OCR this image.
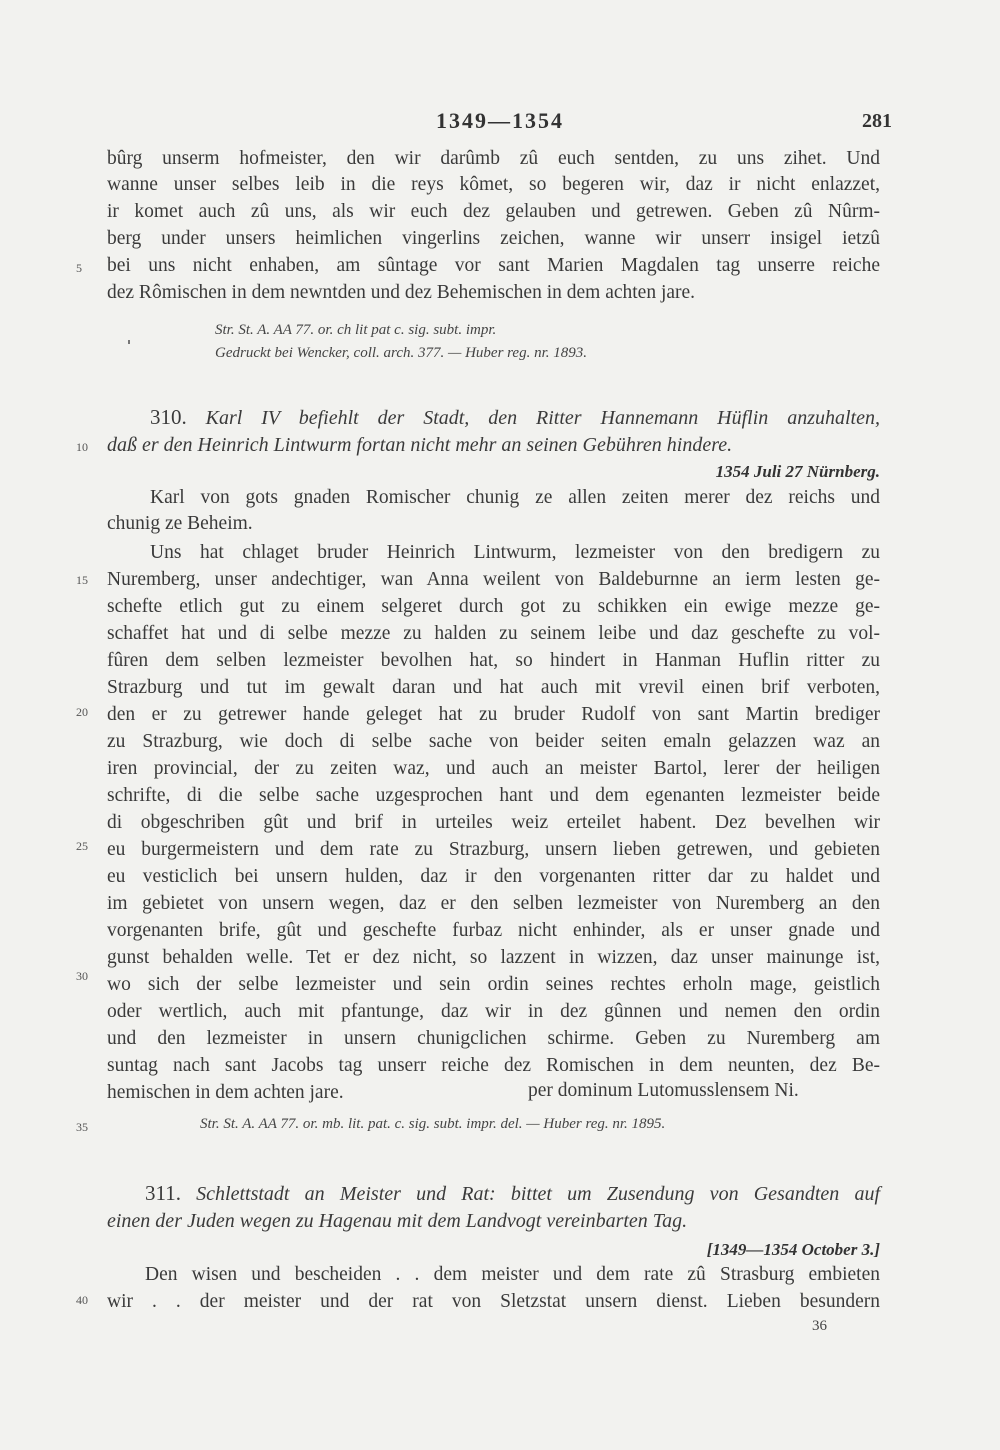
1349—1354	281
bûrg unserm hofmeister, den wir darûmb zû euch sentden, zu uns zihet. Und
wanne unser selbes leib in die reys kômet, so begeren wir, daz ir nicht enlazzet,
ir komet auch zû uns, als wir euch dez gelauben und getrewen. Geben zû Nûrm-
berg under unsers heimlichen vingerlins zeichen, wanne wir unserr insigel ietzû
bei uns nicht enhaben, am sûntage vor sant Marien Magdalen tag unserre reiche
dez Rômischen in dem newntden und dez Behemischen in dem achten jare.
5
Str. St. A. AA 77. or. ch lit pat c. sig. subt. impr.
Gedruckt bei Wencker, coll. arch. 377. — Huber reg. nr. 1893.
310. Karl IV befiehlt der Stadt, den Ritter Hannemann Hüflin anzuhalten,
daß er den Heinrich Lintwurm fortan nicht mehr an seinen Gebühren hindere.
10
1354 Juli 27 Nürnberg.
Karl von gots gnaden Romischer chunig ze allen zeiten merer dez reichs und
chunig ze Beheim.
Uns hat chlaget bruder Heinrich Lintwurm, lezmeister von den bredigern zu
Nuremberg, unser andechtiger, wan Anna weilent von Baldeburnne an ierm lesten ge-
15
schefte etlich gut zu einem selgeret durch got zu schikken ein ewige mezze ge-
schaffet hat und di selbe mezze zu halden zu seinem leibe und daz geschefte zu vol-
fûren dem selben lezmeister bevolhen hat, so hindert in Hanman Huflin ritter zu
Strazburg und tut im gewalt daran und hat auch mit vrevil einen brif verboten,
den er zu getrewer hande geleget hat zu bruder Rudolf von sant Martin brediger
20
zu Strazburg, wie doch di selbe sache von beider seiten emaln gelazzen waz an
iren provincial, der zu zeiten waz, und auch an meister Bartol, lerer der heiligen
schrifte, di die selbe sache uzgesprochen hant und dem egenanten lezmeister beide
di obgeschriben gût und brif in urteiles weiz erteilet habent. Dez bevelhen wir
eu burgermeistern und dem rate zu Strazburg, unsern lieben getrewen, und gebieten
25
eu vesticlich bei unsern hulden, daz ir den vorgenanten ritter dar zu haldet und
im gebietet von unsern wegen, daz er den selben lezmeister von Nuremberg an den
vorgenanten brife, gût und geschefte furbaz nicht enhinder, als er unser gnade und
gunst behalden welle. Tet er dez nicht, so lazzent in wizzen, daz unser mainunge ist,
wo sich der selbe lezmeister und sein ordin seines rechtes erholn mage, geistlich
30
oder wertlich, auch mit pfantunge, daz wir in dez gûnnen und nemen den ordin
und den lezmeister in unsern chunigclichen schirme. Geben zu Nuremberg am
suntag nach sant Jacobs tag unserr reiche dez Romischen in dem neunten, dez Be-
hemischen in dem achten jare.	per dominum Lutomusslensem Ni.
35	Str. St. A. AA 77. or. mb. lit. pat. c. sig. subt. impr. del. — Huber reg. nr. 1895.
311. Schlettstadt an Meister und Rat: bittet um Zusendung von Gesandten auf
einen der Juden wegen zu Hagenau mit dem Landvogt vereinbarten Tag.
[1349—1354 October 3.]
Den wisen und bescheiden . . dem meister und dem rate zû Strasburg embieten
wir . . der meister und der rat von Sletzstat unsern dienst. Lieben besundern
40
36
